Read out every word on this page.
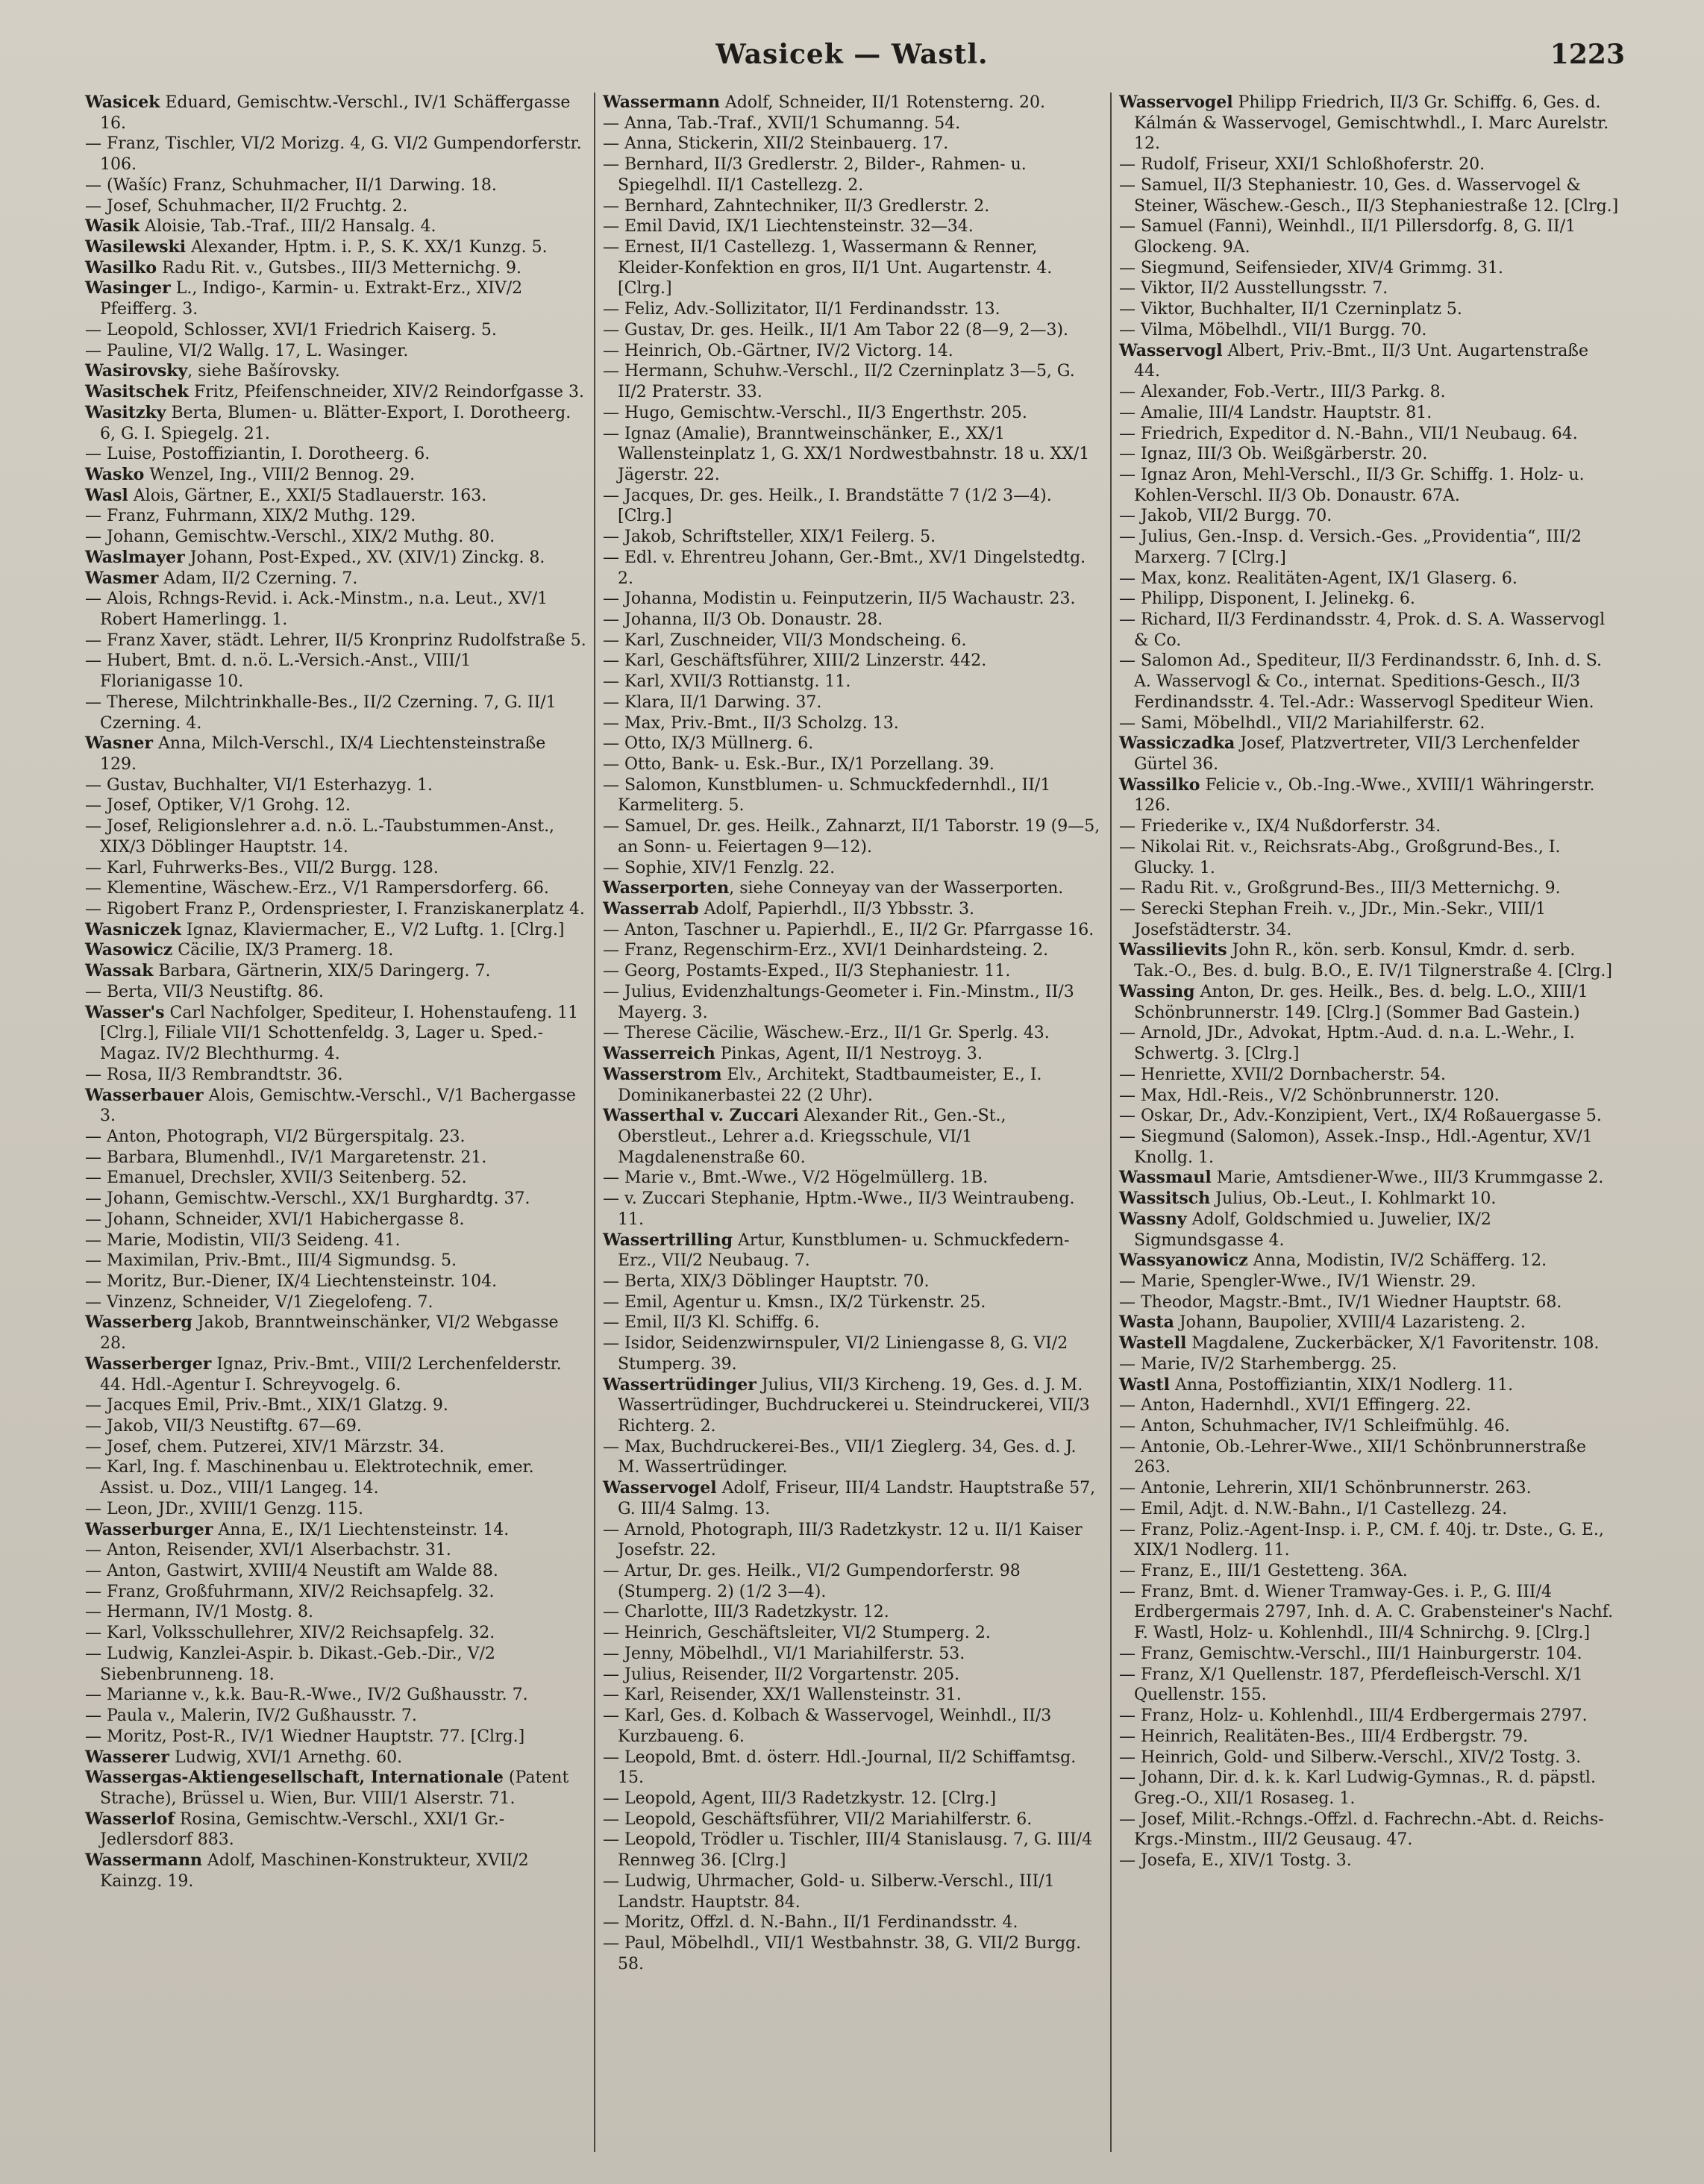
Wasicek — Wastl.	1223

Wasicek Eduard, Gemischtw.-Verschl., IV/1 Schäffergasse 16.

— Franz, Tischler, VI/2 Morizg. 4, G. VI/2 Gumpendorferstr. 106.

— (Wašíc) Franz, Schuhmacher, II/1 Darwing. 18.

— Josef, Schuhmacher, II/2 Fruchtg. 2.

Wasik Aloisie, Tab.-Traf., III/2 Hansalg. 4.

Wasilewski Alexander, Hptm. i. P., S. K. XX/1 Kunzg. 5.

Wasilko Radu Rit. v., Gutsbes., III/3 Metternichg. 9.

Wasinger L., Indigo-, Karmin- u. Extrakt-Erz., XIV/2 Pfeifferg. 3.

— Leopold, Schlosser, XVI/1 Friedrich Kaiserg. 5.

— Pauline, VI/2 Wallg. 17, L. Wasinger.

Wasirovsky, siehe Bašírovsky.

Wasitschek Fritz, Pfeifenschneider, XIV/2 Reindorfgasse 3.

Wasitzky Berta, Blumen- u. Blätter-Export, I. Dorotheerg. 6, G. I. Spiegelg. 21.

— Luise, Postoffiziantin, I. Dorotheerg. 6.

Wasko Wenzel, Ing., VIII/2 Bennog. 29.

Wasl Alois, Gärtner, E., XXI/5 Stadlauerstr. 163.

— Franz, Fuhrmann, XIX/2 Muthg. 129.

— Johann, Gemischtw.-Verschl., XIX/2 Muthg. 80.

Waslmayer Johann, Post-Exped., XV. (XIV/1) Zinckg. 8.

Wasmer Adam, II/2 Czerning. 7.

— Alois, Rchngs-Revid. i. Ack.-Minstm., n.a. Leut., XV/1 Robert Hamerlingg. 1.

— Franz Xaver, städt. Lehrer, II/5 Kronprinz Rudolfstraße 5.

— Hubert, Bmt. d. n.ö. L.-Versich.-Anst., VIII/1 Florianigasse 10.

— Therese, Milchtrinkhalle-Bes., II/2 Czerning. 7, G. II/1 Czerning. 4.

Wasner Anna, Milch-Verschl., IX/4 Liechtensteinstraße 129.

— Gustav, Buchhalter, VI/1 Esterhazyg. 1.

— Josef, Optiker, V/1 Grohg. 12.

— Josef, Religionslehrer a.d. n.ö. L.-Taubstummen-Anst., XIX/3 Döblinger Hauptstr. 14.

— Karl, Fuhrwerks-Bes., VII/2 Burgg. 128.

— Klementine, Wäschew.-Erz., V/1 Rampersdorferg. 66.

— Rigobert Franz P., Ordenspriester, I. Franziskanerplatz 4.

Wasniczek Ignaz, Klaviermacher, E., V/2 Luftg. 1. [Clrg.]

Wasowicz Cäcilie, IX/3 Pramerg. 18.

Wassak Barbara, Gärtnerin, XIX/5 Daringerg. 7.

— Berta, VII/3 Neustiftg. 86.

Wasser's Carl Nachfolger, Spediteur, I. Hohenstaufeng. 11 [Clrg.], Filiale VII/1 Schottenfeldg. 3, Lager u. Sped.-Magaz. IV/2 Blechthurmg. 4.

— Rosa, II/3 Rembrandtstr. 36.

Wasserbauer Alois, Gemischtw.-Verschl., V/1 Bachergasse 3.

— Anton, Photograph, VI/2 Bürgerspitalg. 23.

— Barbara, Blumenhdl., IV/1 Margaretenstr. 21.

— Emanuel, Drechsler, XVII/3 Seitenberg. 52.

— Johann, Gemischtw.-Verschl., XX/1 Burghardtg. 37.

— Johann, Schneider, XVI/1 Habichergasse 8.

— Marie, Modistin, VII/3 Seideng. 41.

— Maximilan, Priv.-Bmt., III/4 Sigmundsg. 5.

— Moritz, Bur.-Diener, IX/4 Liechtensteinstr. 104.

— Vinzenz, Schneider, V/1 Ziegelofeng. 7.

Wasserberg Jakob, Branntweinschänker, VI/2 Webgasse 28.

Wasserberger Ignaz, Priv.-Bmt., VIII/2 Lerchenfelderstr. 44. Hdl.-Agentur I. Schreyvogelg. 6.

— Jacques Emil, Priv.-Bmt., XIX/1 Glatzg. 9.

— Jakob, VII/3 Neustiftg. 67—69.

— Josef, chem. Putzerei, XIV/1 Märzstr. 34.

— Karl, Ing. f. Maschinenbau u. Elektrotechnik, emer. Assist. u. Doz., VIII/1 Langeg. 14.

— Leon, JDr., XVIII/1 Genzg. 115.

Wasserburger Anna, E., IX/1 Liechtensteinstr. 14.

— Anton, Reisender, XVI/1 Alserbachstr. 31.

— Anton, Gastwirt, XVIII/4 Neustift am Walde 88.

— Franz, Großfuhrmann, XIV/2 Reichsapfelg. 32.

— Hermann, IV/1 Mostg. 8.

— Karl, Volksschullehrer, XIV/2 Reichsapfelg. 32.

— Ludwig, Kanzlei-Aspir. b. Dikast.-Geb.-Dir., V/2 Siebenbrunneng. 18.

— Marianne v., k.k. Bau-R.-Wwe., IV/2 Gußhausstr. 7.

— Paula v., Malerin, IV/2 Gußhausstr. 7.

— Moritz, Post-R., IV/1 Wiedner Hauptstr. 77. [Clrg.]

Wasserer Ludwig, XVI/1 Arnethg. 60.

Wassergas-Aktiengesellschaft, Internationale (Patent Strache), Brüssel u. Wien, Bur. VIII/1 Alserstr. 71.

Wasserlof Rosina, Gemischtw.-Verschl., XXI/1 Gr.-Jedlersdorf 883.

Wassermann Adolf, Maschinen-Konstrukteur, XVII/2 Kainzg. 19.

Wassermann Adolf, Schneider, II/1 Rotensterng. 20.

— Anna, Tab.-Traf., XVII/1 Schumanng. 54.

— Anna, Stickerin, XII/2 Steinbauerg. 17.

— Bernhard, II/3 Gredlerstr. 2, Bilder-, Rahmen- u. Spiegelhdl. II/1 Castellezg. 2.

— Bernhard, Zahntechniker, II/3 Gredlerstr. 2.

— Emil David, IX/1 Liechtensteinstr. 32—34.

— Ernest, II/1 Castellezg. 1, Wassermann & Renner, Kleider-Konfektion en gros, II/1 Unt. Augartenstr. 4. [Clrg.]

— Feliz, Adv.-Sollizitator, II/1 Ferdinandsstr. 13.

— Gustav, Dr. ges. Heilk., II/1 Am Tabor 22 (8—9, 2—3).

— Heinrich, Ob.-Gärtner, IV/2 Victorg. 14.

— Hermann, Schuhw.-Verschl., II/2 Czerninplatz 3—5, G. II/2 Praterstr. 33.

— Hugo, Gemischtw.-Verschl., II/3 Engerthstr. 205.

— Ignaz (Amalie), Branntweinschänker, E., XX/1 Wallensteinplatz 1, G. XX/1 Nordwestbahnstr. 18 u. XX/1 Jägerstr. 22.

— Jacques, Dr. ges. Heilk., I. Brandstätte 7 (1/2 3—4). [Clrg.]

— Jakob, Schriftsteller, XIX/1 Feilerg. 5.

— Edl. v. Ehrentreu Johann, Ger.-Bmt., XV/1 Dingelstedtg. 2.

— Johanna, Modistin u. Feinputzerin, II/5 Wachaustr. 23.

— Johanna, II/3 Ob. Donaustr. 28.

— Karl, Zuschneider, VII/3 Mondscheing. 6.

— Karl, Geschäftsführer, XIII/2 Linzerstr. 442.

— Karl, XVII/3 Rottianstg. 11.

— Klara, II/1 Darwing. 37.

— Max, Priv.-Bmt., II/3 Scholzg. 13.

— Otto, IX/3 Müllnerg. 6.

— Otto, Bank- u. Esk.-Bur., IX/1 Porzellang. 39.

— Salomon, Kunstblumen- u. Schmuckfedernhdl., II/1 Karmeliterg. 5.

— Samuel, Dr. ges. Heilk., Zahnarzt, II/1 Taborstr. 19 (9—5, an Sonn- u. Feiertagen 9—12).

— Sophie, XIV/1 Fenzlg. 22.

Wasserporten, siehe Conneyay van der Wasserporten.

Wasserrab Adolf, Papierhdl., II/3 Ybbsstr. 3.

— Anton, Taschner u. Papierhdl., E., II/2 Gr. Pfarrgasse 16.

— Franz, Regenschirm-Erz., XVI/1 Deinhardsteing. 2.

— Georg, Postamts-Exped., II/3 Stephaniestr. 11.

— Julius, Evidenzhaltungs-Geometer i. Fin.-Minstm., II/3 Mayerg. 3.

— Therese Cäcilie, Wäschew.-Erz., II/1 Gr. Sperlg. 43.

Wasserreich Pinkas, Agent, II/1 Nestroyg. 3.

Wasserstrom Elv., Architekt, Stadtbaumeister, E., I. Dominikanerbastei 22 (2 Uhr).

Wasserthal v. Zuccari Alexander Rit., Gen.-St., Oberstleut., Lehrer a.d. Kriegsschule, VI/1 Magdalenenstraße 60.

— Marie v., Bmt.-Wwe., V/2 Högelmüllerg. 1B.

— v. Zuccari Stephanie, Hptm.-Wwe., II/3 Weintraubeng. 11.

Wassertrilling Artur, Kunstblumen- u. Schmuckfedern-Erz., VII/2 Neubaug. 7.

— Berta, XIX/3 Döblinger Hauptstr. 70.

— Emil, Agentur u. Kmsn., IX/2 Türkenstr. 25.

— Emil, II/3 Kl. Schiffg. 6.

— Isidor, Seidenzwirnspuler, VI/2 Liniengasse 8, G. VI/2 Stumperg. 39.

Wassertrüdinger Julius, VII/3 Kircheng. 19, Ges. d. J. M. Wassertrüdinger, Buchdruckerei u. Steindruckerei, VII/3 Richterg. 2.

— Max, Buchdruckerei-Bes., VII/1 Zieglerg. 34, Ges. d. J. M. Wassertrüdinger.

Wasservogel Adolf, Friseur, III/4 Landstr. Hauptstraße 57, G. III/4 Salmg. 13.

— Arnold, Photograph, III/3 Radetzkystr. 12 u. II/1 Kaiser Josefstr. 22.

— Artur, Dr. ges. Heilk., VI/2 Gumpendorferstr. 98 (Stumperg. 2) (1/2 3—4).

— Charlotte, III/3 Radetzkystr. 12.

— Heinrich, Geschäftsleiter, VI/2 Stumperg. 2.

— Jenny, Möbelhdl., VI/1 Mariahilferstr. 53.

— Julius, Reisender, II/2 Vorgartenstr. 205.

— Karl, Reisender, XX/1 Wallensteinstr. 31.

— Karl, Ges. d. Kolbach & Wasservogel, Weinhdl., II/3 Kurzbaueng. 6.

— Leopold, Bmt. d. österr. Hdl.-Journal, II/2 Schiffamtsg. 15.

— Leopold, Agent, III/3 Radetzkystr. 12. [Clrg.]

— Leopold, Geschäftsführer, VII/2 Mariahilferstr. 6.

— Leopold, Trödler u. Tischler, III/4 Stanislausg. 7, G. III/4 Rennweg 36. [Clrg.]

— Ludwig, Uhrmacher, Gold- u. Silberw.-Verschl., III/1 Landstr. Hauptstr. 84.

— Moritz, Offzl. d. N.-Bahn., II/1 Ferdinandsstr. 4.

— Paul, Möbelhdl., VII/1 Westbahnstr. 38, G. VII/2 Burgg. 58.

Wasservogel Philipp Friedrich, II/3 Gr. Schiffg. 6, Ges. d. Kálmán & Wasservogel, Gemischtwhdl., I. Marc Aurelstr. 12.

— Rudolf, Friseur, XXI/1 Schloßhoferstr. 20.

— Samuel, II/3 Stephaniestr. 10, Ges. d. Wasservogel & Steiner, Wäschew.-Gesch., II/3 Stephaniestraße 12. [Clrg.]

— Samuel (Fanni), Weinhdl., II/1 Pillersdorfg. 8, G. II/1 Glockeng. 9A.

— Siegmund, Seifensieder, XIV/4 Grimmg. 31.

— Viktor, II/2 Ausstellungsstr. 7.

— Viktor, Buchhalter, II/1 Czerninplatz 5.

— Vilma, Möbelhdl., VII/1 Burgg. 70.

Wasservogl Albert, Priv.-Bmt., II/3 Unt. Augartenstraße 44.

— Alexander, Fob.-Vertr., III/3 Parkg. 8.

— Amalie, III/4 Landstr. Hauptstr. 81.

— Friedrich, Expeditor d. N.-Bahn., VII/1 Neubaug. 64.

— Ignaz, III/3 Ob. Weißgärberstr. 20.

— Ignaz Aron, Mehl-Verschl., II/3 Gr. Schiffg. 1. Holz- u. Kohlen-Verschl. II/3 Ob. Donaustr. 67A.

— Jakob, VII/2 Burgg. 70.

— Julius, Gen.-Insp. d. Versich.-Ges. „Providentia“, III/2 Marxerg. 7 [Clrg.]

— Max, konz. Realitäten-Agent, IX/1 Glaserg. 6.

— Philipp, Disponent, I. Jelinekg. 6.

— Richard, II/3 Ferdinandsstr. 4, Prok. d. S. A. Wasservogl & Co.

— Salomon Ad., Spediteur, II/3 Ferdinandsstr. 6, Inh. d. S. A. Wasservogl & Co., internat. Speditions-Gesch., II/3 Ferdinandsstr. 4. Tel.-Adr.: Wasservogl Spediteur Wien.

— Sami, Möbelhdl., VII/2 Mariahilferstr. 62.

Wassiczadka Josef, Platzvertreter, VII/3 Lerchenfelder Gürtel 36.

Wassilko Felicie v., Ob.-Ing.-Wwe., XVIII/1 Währingerstr. 126.

— Friederike v., IX/4 Nußdorferstr. 34.

— Nikolai Rit. v., Reichsrats-Abg., Großgrund-Bes., I. Glucky. 1.

— Radu Rit. v., Großgrund-Bes., III/3 Metternichg. 9.

— Serecki Stephan Freih. v., JDr., Min.-Sekr., VIII/1 Josefstädterstr. 34.

Wassilievits John R., kön. serb. Konsul, Kmdr. d. serb. Tak.-O., Bes. d. bulg. B.O., E. IV/1 Tilgnerstraße 4. [Clrg.]

Wassing Anton, Dr. ges. Heilk., Bes. d. belg. L.O., XIII/1 Schönbrunnerstr. 149. [Clrg.] (Sommer Bad Gastein.)

— Arnold, JDr., Advokat, Hptm.-Aud. d. n.a. L.-Wehr., I. Schwertg. 3. [Clrg.]

— Henriette, XVII/2 Dornbacherstr. 54.

— Max, Hdl.-Reis., V/2 Schönbrunnerstr. 120.

— Oskar, Dr., Adv.-Konzipient, Vert., IX/4 Roßauergasse 5.

— Siegmund (Salomon), Assek.-Insp., Hdl.-Agentur, XV/1 Knollg. 1.

Wassmaul Marie, Amtsdiener-Wwe., III/3 Krummgasse 2.

Wassitsch Julius, Ob.-Leut., I. Kohlmarkt 10.

Wassny Adolf, Goldschmied u. Juwelier, IX/2 Sigmundsgasse 4.

Wassyanowicz Anna, Modistin, IV/2 Schäfferg. 12.

— Marie, Spengler-Wwe., IV/1 Wienstr. 29.

— Theodor, Magstr.-Bmt., IV/1 Wiedner Hauptstr. 68.

Wasta Johann, Baupolier, XVIII/4 Lazaristeng. 2.

Wastell Magdalene, Zuckerbäcker, X/1 Favoritenstr. 108.

— Marie, IV/2 Starhembergg. 25.

Wastl Anna, Postoffiziantin, XIX/1 Nodlerg. 11.

— Anton, Hadernhdl., XVI/1 Effingerg. 22.

— Anton, Schuhmacher, IV/1 Schleifmühlg. 46.

— Antonie, Ob.-Lehrer-Wwe., XII/1 Schönbrunnerstraße 263.

— Antonie, Lehrerin, XII/1 Schönbrunnerstr. 263.

— Emil, Adjt. d. N.W.-Bahn., I/1 Castellezg. 24.

— Franz, Poliz.-Agent-Insp. i. P., CM. f. 40j. tr. Dste., G. E., XIX/1 Nodlerg. 11.

— Franz, E., III/1 Gestetteng. 36A.

— Franz, Bmt. d. Wiener Tramway-Ges. i. P., G. III/4 Erdbergermais 2797, Inh. d. A. C. Grabensteiner's Nachf. F. Wastl, Holz- u. Kohlenhdl., III/4 Schnirchg. 9. [Clrg.]

— Franz, Gemischtw.-Verschl., III/1 Hainburgerstr. 104.

— Franz, X/1 Quellenstr. 187, Pferdefleisch-Verschl. X/1 Quellenstr. 155.

— Franz, Holz- u. Kohlenhdl., III/4 Erdbergermais 2797.

— Heinrich, Realitäten-Bes., III/4 Erdbergstr. 79.

— Heinrich, Gold- und Silberw.-Verschl., XIV/2 Tostg. 3.

— Johann, Dir. d. k. k. Karl Ludwig-Gymnas., R. d. päpstl. Greg.-O., XII/1 Rosaseg. 1.

— Josef, Milit.-Rchngs.-Offzl. d. Fachrechn.-Abt. d. Reichs-Krgs.-Minstm., III/2 Geusaug. 47.

— Josefa, E., XIV/1 Tostg. 3.
